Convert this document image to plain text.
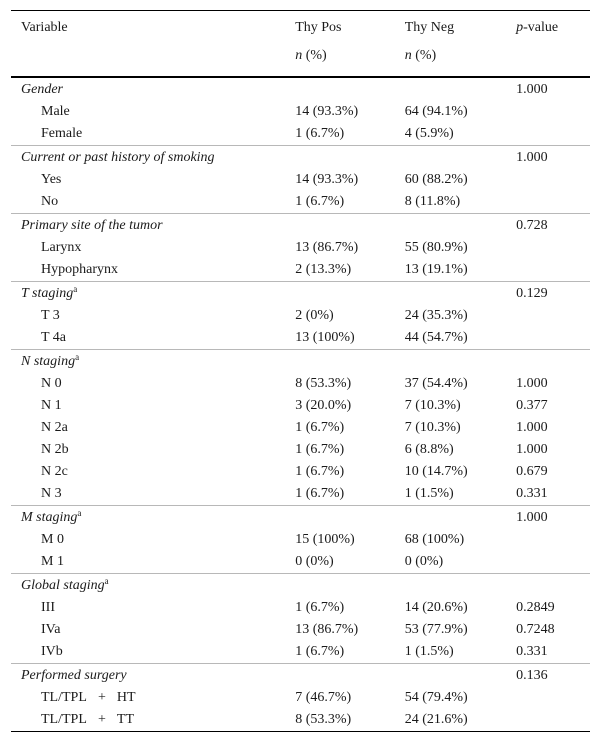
Variable	Thy Pos	Thy Neg	p-value
	n (%)	n (%)	
Gender			1.000
Male	14 (93.3%)	64 (94.1%)	
Female	1 (6.7%)	4 (5.9%)	
Current or past history of smoking			1.000
Yes	14 (93.3%)	60 (88.2%)	
No	1 (6.7%)	8 (11.8%)	
Primary site of the tumor			0.728
Larynx	13 (86.7%)	55 (80.9%)	
Hypopharynx	2 (13.3%)	13 (19.1%)	
T staging$^a$			0.129
T 3	2 (0%)	24 (35.3%)	
T 4a	13 (100%)	44 (54.7%)	
N staging$^a$			
N 0	8 (53.3%)	37 (54.4%)	1.000
N 1	3 (20.0%)	7 (10.3%)	0.377
N 2a	1 (6.7%)	7 (10.3%)	1.000
N 2b	1 (6.7%)	6 (8.8%)	1.000
N 2c	1 (6.7%)	10 (14.7%)	0.679
N 3	1 (6.7%)	1 (1.5%)	0.331
M staging$^a$			1.000
M 0	15 (100%)	68 (100%)	
M 1	0 (0%)	0 (0%)	
Global staging$^a$			
III	1 (6.7%)	14 (20.6%)	0.2849
IVa	13 (86.7%)	53 (77.9%)	0.7248
IVb	1 (6.7%)	1 (1.5%)	0.331
Performed surgery			0.136
TL/TPL + HT	7 (46.7%)	54 (79.4%)	
TL/TPL + TT	8 (53.3%)	24 (21.6%)	
